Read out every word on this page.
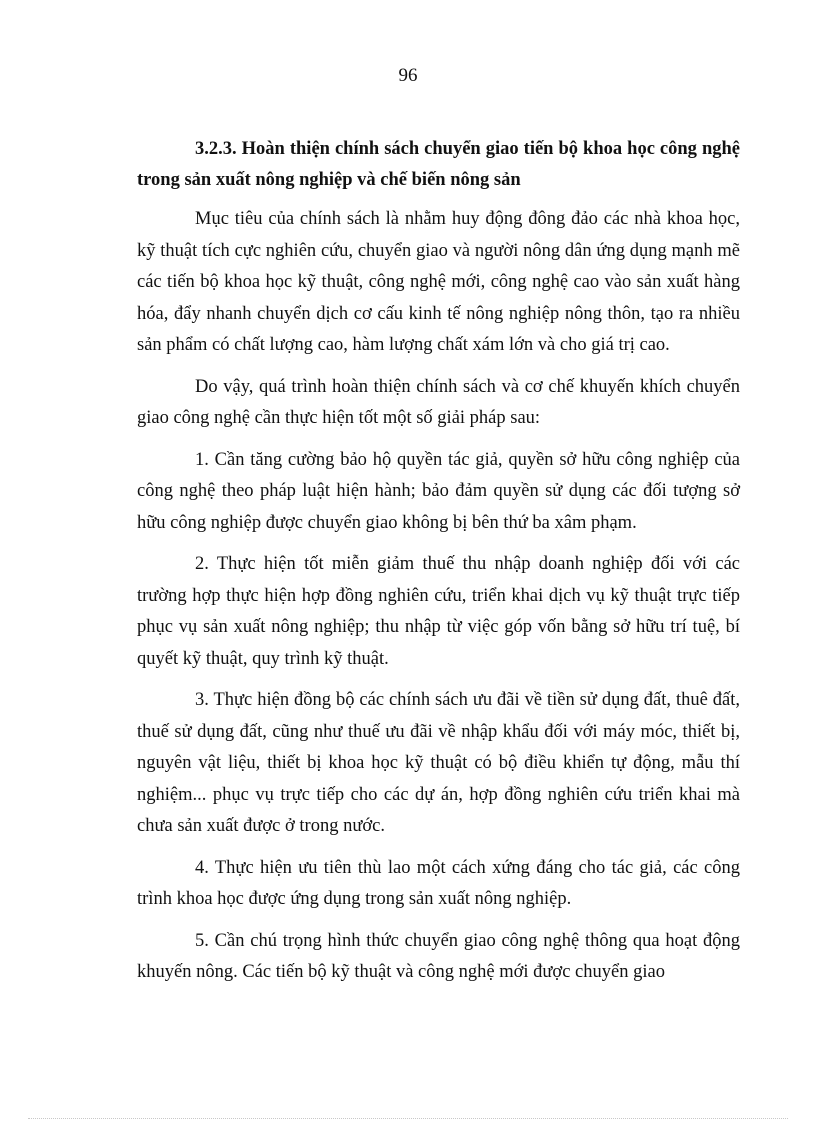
96

3.2.3. Hoàn thiện chính sách chuyển giao tiến bộ khoa học công nghệ trong sản xuất nông nghiệp và chế biến nông sản

Mục tiêu của chính sách là nhằm huy động đông đảo các nhà khoa học, kỹ thuật tích cực nghiên cứu, chuyển giao và người nông dân ứng dụng mạnh mẽ các tiến bộ khoa học kỹ thuật, công nghệ mới, công nghệ cao vào sản xuất hàng hóa, đẩy nhanh chuyển dịch cơ cấu kinh tế nông nghiệp nông thôn, tạo ra nhiều sản phẩm có chất lượng cao, hàm lượng chất xám lớn và cho giá trị cao.

Do vậy, quá trình hoàn thiện chính sách và cơ chế khuyến khích chuyển giao công nghệ cần thực hiện tốt một số giải pháp sau:

1. Cần tăng cường bảo hộ quyền tác giả, quyền sở hữu công nghiệp của công nghệ theo pháp luật hiện hành; bảo đảm quyền sử dụng các đối tượng sở hữu công nghiệp được chuyển giao không bị bên thứ ba xâm phạm.

2. Thực hiện tốt miễn giảm thuế thu nhập doanh nghiệp đối với các trường hợp thực hiện hợp đồng nghiên cứu, triển khai dịch vụ kỹ thuật trực tiếp phục vụ sản xuất nông nghiệp; thu nhập từ việc góp vốn bằng sở hữu trí tuệ, bí quyết kỹ thuật, quy trình kỹ thuật.

3. Thực hiện đồng bộ các chính sách ưu đãi về tiền sử dụng đất, thuê đất, thuế sử dụng đất, cũng như thuế ưu đãi về nhập khẩu đối với máy móc, thiết bị, nguyên vật liệu, thiết bị khoa học kỹ thuật có bộ điều khiển tự động, mẫu thí nghiệm... phục vụ trực tiếp cho các dự án, hợp đồng nghiên cứu triển khai mà chưa sản xuất được ở trong nước.

4. Thực hiện ưu tiên thù lao một cách xứng đáng cho tác giả, các công trình khoa học được ứng dụng trong sản xuất nông nghiệp.

5. Cần chú trọng hình thức chuyển giao công nghệ thông qua hoạt động khuyến nông. Các tiến bộ kỹ thuật và công nghệ mới được chuyển giao
